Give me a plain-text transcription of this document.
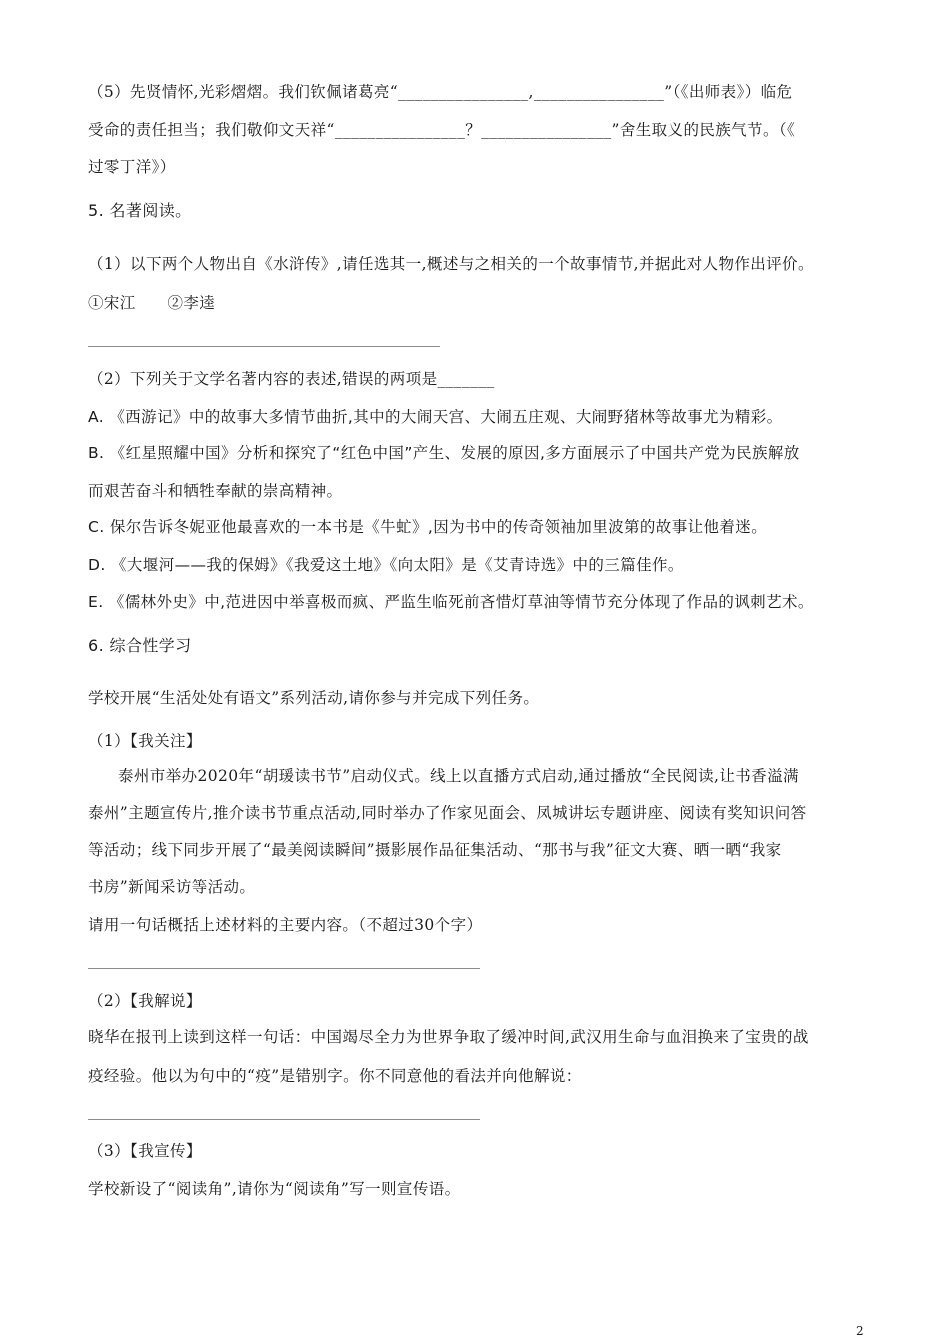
（5）先贤情怀,光彩熠熠。我们钦佩诸葛亮“________________,________________”（《出师表》）临危
受命的责任担当；我们敬仰文天祥“________________？________________”舍生取义的民族气节。（《
过零丁洋》）
5. 名著阅读。
（1）以下两个人物出自《水浒传》,请任选其一,概述与之相关的一个故事情节,并据此对人物作出评价。
①宋江　　②李逵
（2）下列关于文学名著内容的表述,错误的两项是_______
A. 《西游记》中的故事大多情节曲折,其中的大闹天宫、大闹五庄观、大闹野猪林等故事尤为精彩。
B. 《红星照耀中国》分析和探究了“红色中国”产生、发展的原因,多方面展示了中国共产党为民族解放
而艰苦奋斗和牺牲奉献的崇高精神。
C. 保尔告诉冬妮亚他最喜欢的一本书是《牛虻》,因为书中的传奇领袖加里波第的故事让他着迷。
D. 《大堰河——我的保姆》《我爱这土地》《向太阳》是《艾青诗选》中的三篇佳作。
E. 《儒林外史》中,范进因中举喜极而疯、严监生临死前吝惜灯草油等情节充分体现了作品的讽刺艺术。
6. 综合性学习
学校开展“生活处处有语文”系列活动,请你参与并完成下列任务。
（1）【我关注】
泰州市举办2020年“胡瑗读书节”启动仪式。线上以直播方式启动,通过播放“全民阅读,让书香溢满
泰州”主题宣传片,推介读书节重点活动,同时举办了作家见面会、凤城讲坛专题讲座、阅读有奖知识问答
等活动；线下同步开展了“最美阅读瞬间”摄影展作品征集活动、“那书与我”征文大赛、晒一晒“我家
书房”新闻采访等活动。
请用一句话概括上述材料的主要内容。（不超过30个字）
（2）【我解说】
晓华在报刊上读到这样一句话：中国竭尽全力为世界争取了缓冲时间,武汉用生命与血泪换来了宝贵的战
疫经验。他以为句中的“疫”是错别字。你不同意他的看法并向他解说：
（3）【我宣传】
学校新设了“阅读角”,请你为“阅读角”写一则宣传语。
2
